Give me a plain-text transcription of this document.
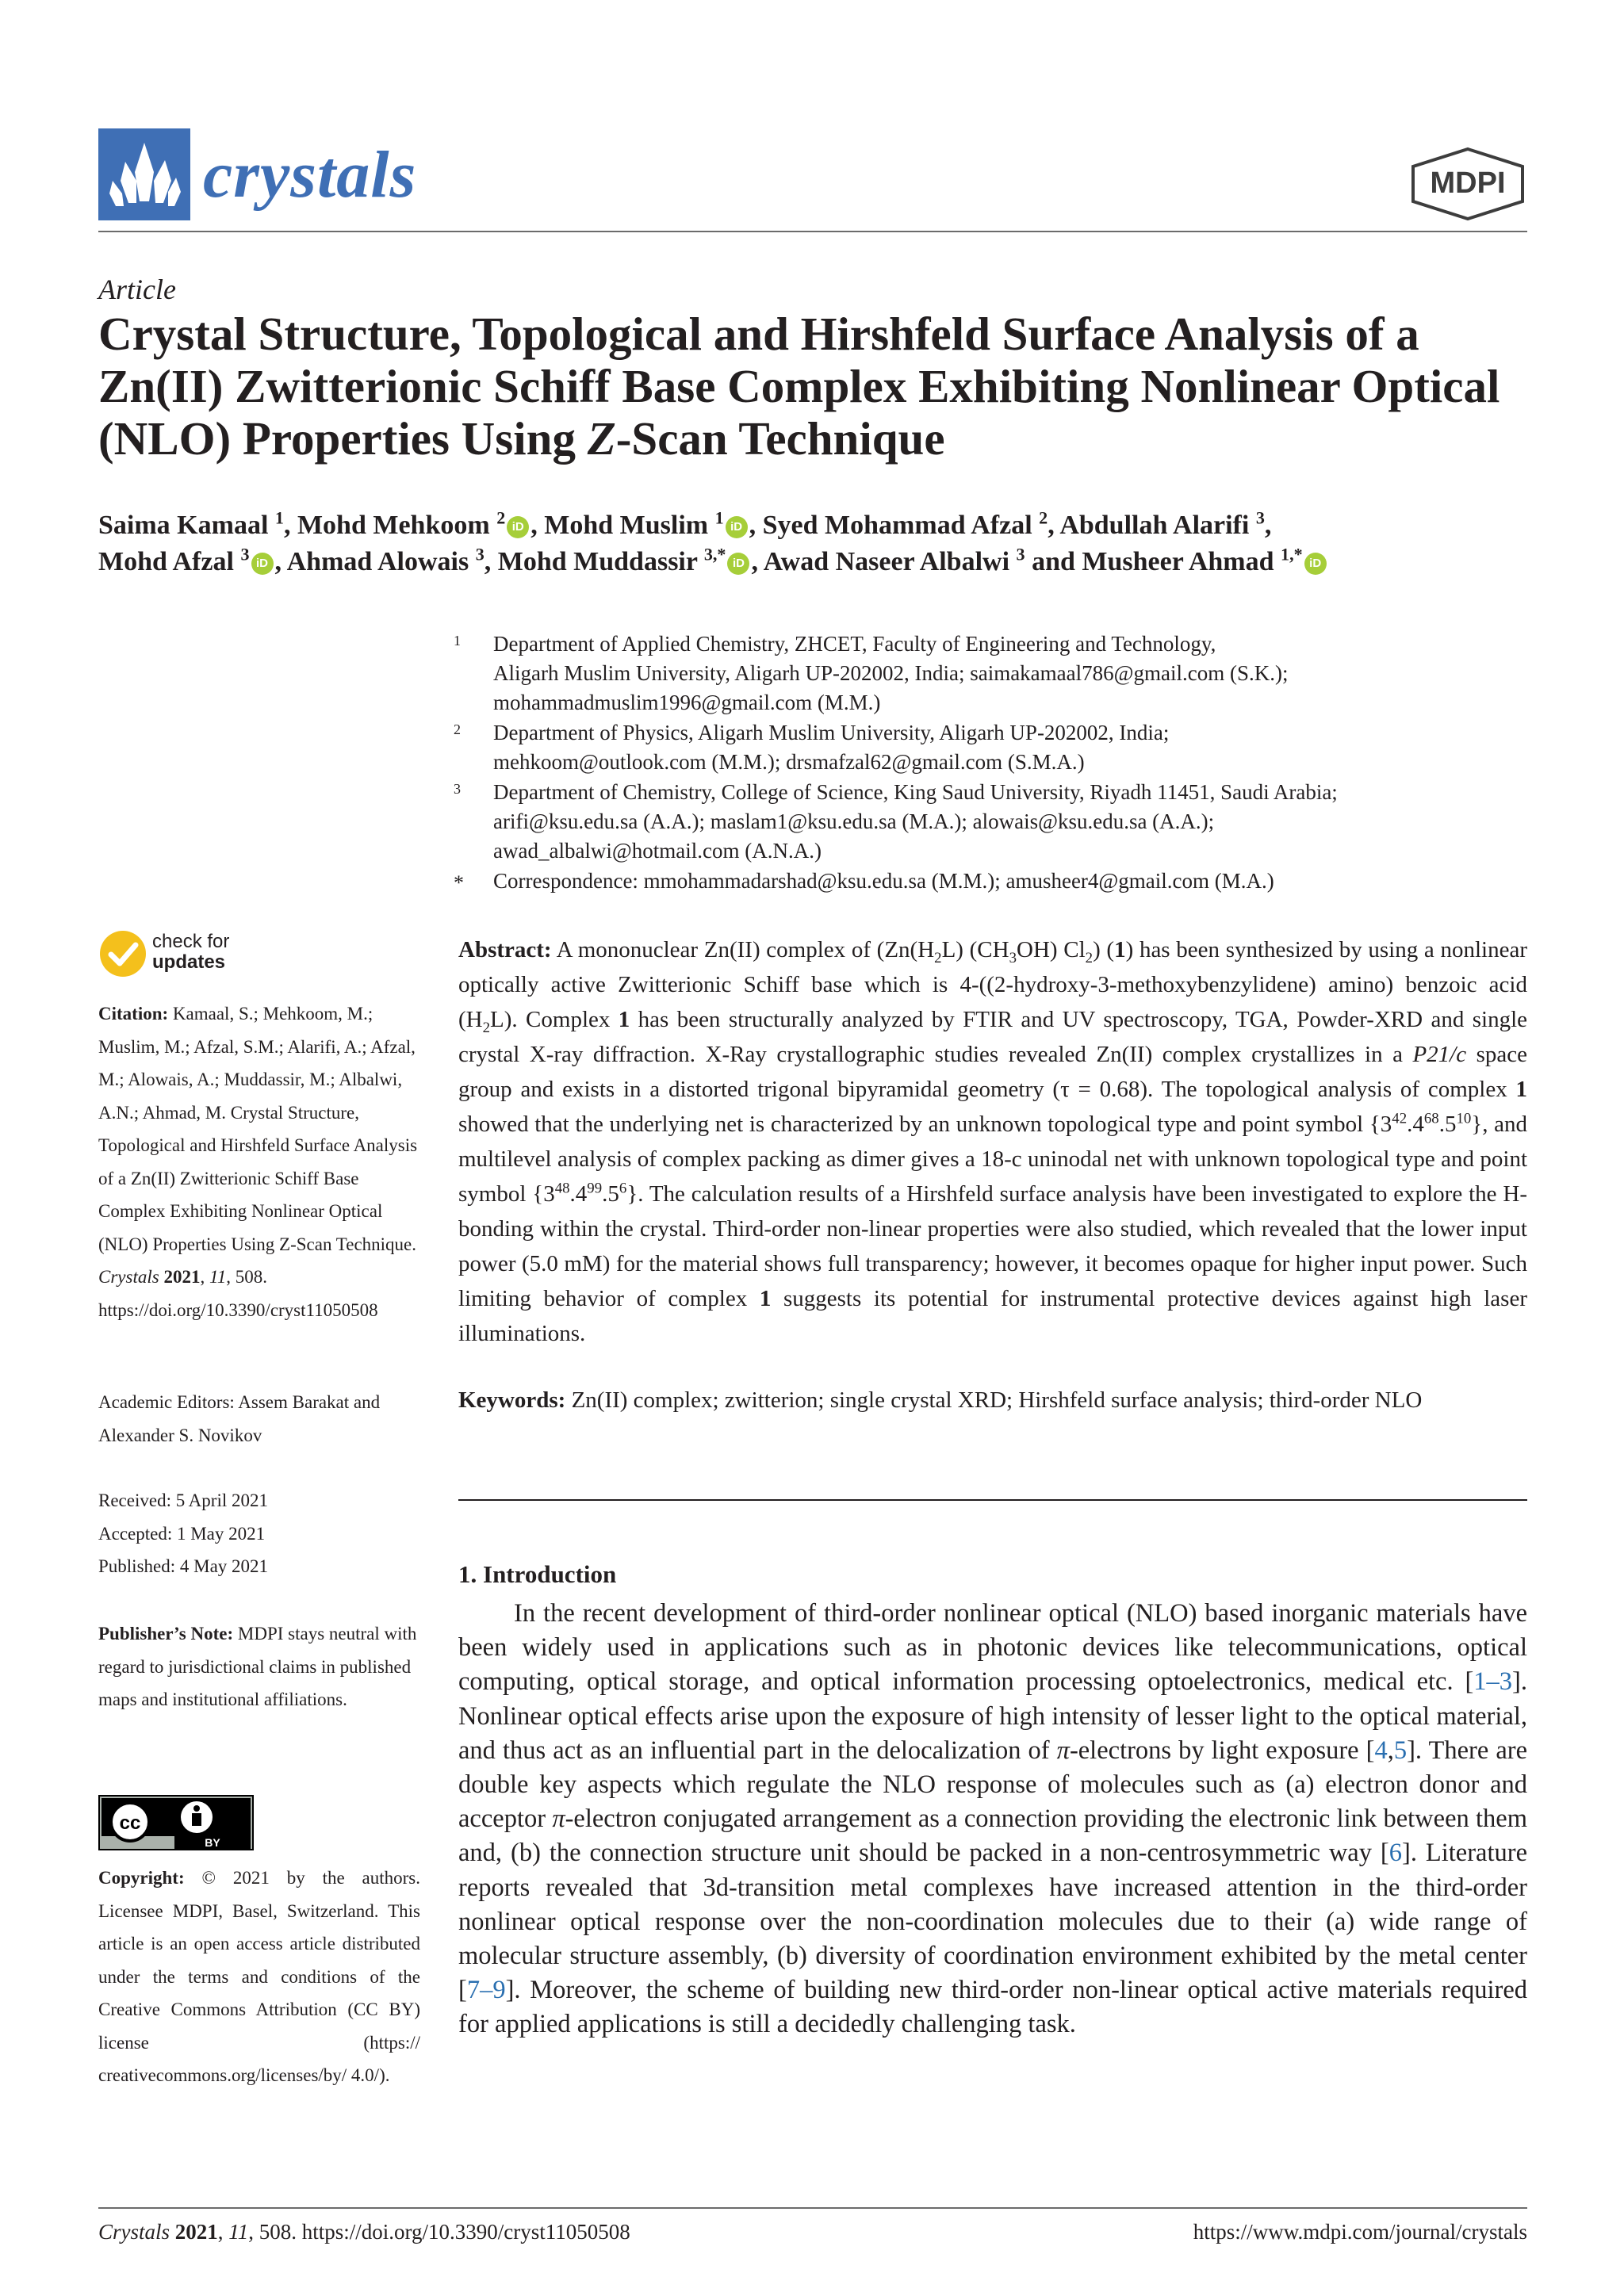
crystals	MDPI
Article
Crystal Structure, Topological and Hirshfeld Surface Analysis of a Zn(II) Zwitterionic Schiff Base Complex Exhibiting Nonlinear Optical (NLO) Properties Using Z-Scan Technique
Saima Kamaal $^1$, Mohd Mehkoom $^2$ iD , Mohd Muslim $^1$ iD , Syed Mohammad Afzal $^2$, Abdullah Alarifi $^3$,
Mohd Afzal $^3$ iD , Ahmad Alowais $^3$, Mohd Muddassir $^{3,*}$ iD , Awad Naseer Albalwi $^3$ and Musheer Ahmad $^{1,*}$ iD
1 Department of Applied Chemistry, ZHCET, Faculty of Engineering and Technology,
Aligarh Muslim University, Aligarh UP-202002, India; saimakamaal786@gmail.com (S.K.);
mohammadmuslim1996@gmail.com (M.M.)
2 Department of Physics, Aligarh Muslim University, Aligarh UP-202002, India;
mehkoom@outlook.com (M.M.); drsmafzal62@gmail.com (S.M.A.)
3 Department of Chemistry, College of Science, King Saud University, Riyadh 11451, Saudi Arabia;
arifi@ksu.edu.sa (A.A.); maslam1@ksu.edu.sa (M.A.); alowais@ksu.edu.sa (A.A.);
awad_albalwi@hotmail.com (A.N.A.)
* Correspondence: mmohammadarshad@ksu.edu.sa (M.M.); amusheer4@gmail.com (M.A.)
check for
updates
Citation: Kamaal, S.; Mehkoom, M.; Muslim, M.; Afzal, S.M.; Alarifi, A.; Afzal, M.; Alowais, A.; Muddassir, M.; Albalwi, A.N.; Ahmad, M. Crystal Structure, Topological and Hirshfeld Surface Analysis of a Zn(II) Zwitterionic Schiff Base Complex Exhibiting Nonlinear Optical (NLO) Properties Using Z-Scan Technique. Crystals 2021, 11, 508. https://doi.org/10.3390/cryst11050508
Academic Editors: Assem Barakat and Alexander S. Novikov
Received: 5 April 2021
Accepted: 1 May 2021
Published: 4 May 2021
Publisher’s Note: MDPI stays neutral with regard to jurisdictional claims in published maps and institutional affiliations.
cc
BY
Copyright: © 2021 by the authors. Licensee MDPI, Basel, Switzerland. This article is an open access article distributed under the terms and conditions of the Creative Commons Attribution (CC BY) license (https:// creativecommons.org/licenses/by/ 4.0/).

Abstract: A mononuclear Zn(II) complex of ($Zn(H_2L)$ $(CH_3OH)$ $Cl_2$) (1) has been synthesized by using a nonlinear optically active Zwitterionic Schiff base which is 4-((2-hydroxy-3-methoxybenzylidene) amino) benzoic acid $(H_2L)$. Complex 1 has been structurally analyzed by FTIR and UV spectroscopy, TGA, Powder-XRD and single crystal X-ray diffraction. X-Ray crystallographic studies revealed Zn(II) complex crystallizes in a P21/c space group and exists in a distorted trigonal bipyramidal geometry (τ = 0.68). The topological analysis of complex 1 showed that the underlying net is characterized by an unknown topological type and point symbol $\{3^{42}.4^{68}.5^{10}\}$, and multilevel analysis of complex packing as dimer gives a 18-c uninodal net with unknown topological type and point symbol $\{3^{48}.4^{99}.5^6\}$. The calculation results of a Hirshfeld surface analysis have been investigated to explore the H-bonding within the crystal. Third-order non-linear properties were also studied, which revealed that the lower input power (5.0 mM) for the material shows full transparency; however, it becomes opaque for higher input power. Such limiting behavior of complex 1 suggests its potential for instrumental protective devices against high laser illuminations.

Keywords: Zn(II) complex; zwitterion; single crystal XRD; Hirshfeld surface analysis; third-order NLO
1. Introduction

In the recent development of third-order nonlinear optical (NLO) based inorganic materials have been widely used in applications such as in photonic devices like telecommunications, optical computing, optical storage, and optical information processing optoelectronics, medical etc. [1–3]. Nonlinear optical effects arise upon the exposure of high intensity of lesser light to the optical material, and thus act as an influential part in the delocalization of π-electrons by light exposure [4,5]. There are double key aspects which regulate the NLO response of molecules such as (a) electron donor and acceptor π-electron conjugated arrangement as a connection providing the electronic link between them and, (b) the connection structure unit should be packed in a non-centrosymmetric way [6]. Literature reports revealed that 3d-transition metal complexes have increased attention in the third-order nonlinear optical response over the non-coordination molecules due to their (a) wide range of molecular structure assembly, (b) diversity of coordination environment exhibited by the metal center [7–9]. Moreover, the scheme of building new third-order non-linear optical active materials required for applied applications is still a decidedly challenging task.

Crystals 2021, 11, 508. https://doi.org/10.3390/cryst11050508	https://www.mdpi.com/journal/crystals
